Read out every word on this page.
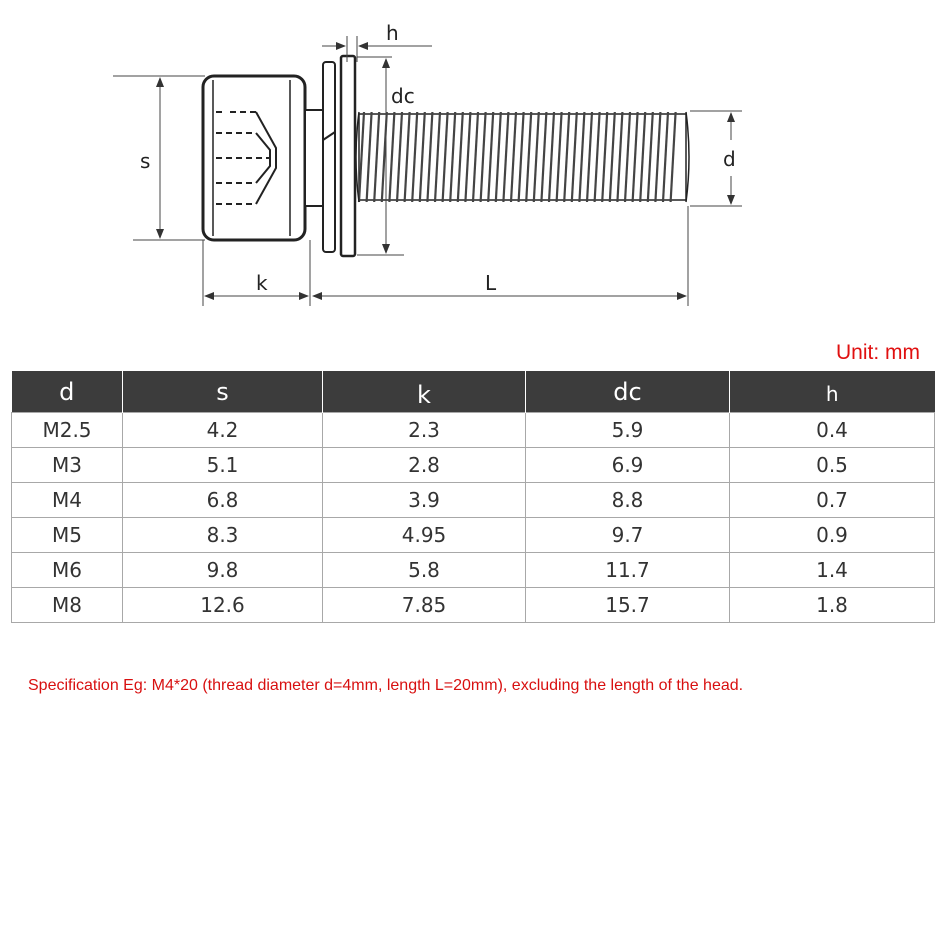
s
h
dc
d
k	L
Unit: mm
d	s	k	dc	h
M2.5	4.2	2.3	5.9	0.4
M3	5.1	2.8	6.9	0.5
M4	6.8	3.9	8.8	0.7
M5	8.3	4.95	9.7	0.9
M6	9.8	5.8	11.7	1.4
M8	12.6	7.85	15.7	1.8
Specification Eg: M4*20 (thread diameter d=4mm, length L=20mm), excluding the length of the head.
